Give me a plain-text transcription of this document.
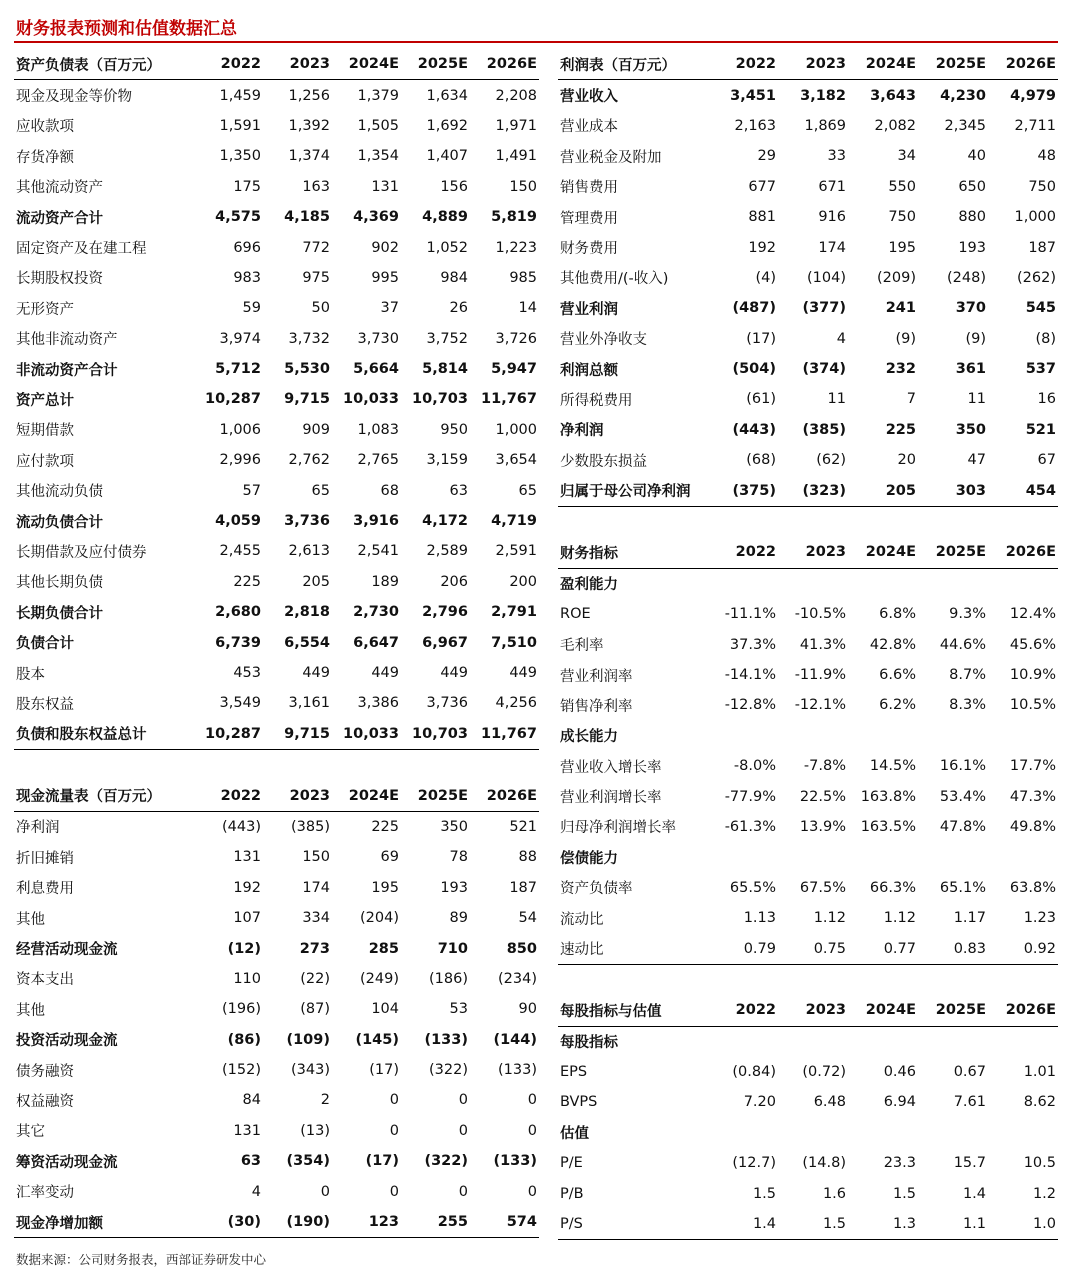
财务报表预测和估值数据汇总
资产负债表（百万元）	2022	2023	2024E	2025E	2026E
现金及现金等价物	1,459	1,256	1,379	1,634	2,208
应收款项	1,591	1,392	1,505	1,692	1,971
存货净额	1,350	1,374	1,354	1,407	1,491
其他流动资产	175	163	131	156	150
流动资产合计	4,575	4,185	4,369	4,889	5,819
固定资产及在建工程	696	772	902	1,052	1,223
长期股权投资	983	975	995	984	985
无形资产	59	50	37	26	14
其他非流动资产	3,974	3,732	3,730	3,752	3,726
非流动资产合计	5,712	5,530	5,664	5,814	5,947
资产总计	10,287	9,715	10,033	10,703	11,767
短期借款	1,006	909	1,083	950	1,000
应付款项	2,996	2,762	2,765	3,159	3,654
其他流动负债	57	65	68	63	65
流动负债合计	4,059	3,736	3,916	4,172	4,719
长期借款及应付债券	2,455	2,613	2,541	2,589	2,591
其他长期负债	225	205	189	206	200
长期负债合计	2,680	2,818	2,730	2,796	2,791
负债合计	6,739	6,554	6,647	6,967	7,510
股本	453	449	449	449	449
股东权益	3,549	3,161	3,386	3,736	4,256
负债和股东权益总计	10,287	9,715	10,033	10,703	11,767

现金流量表（百万元）	2022	2023	2024E	2025E	2026E
净利润	(443)	(385)	225	350	521
折旧摊销	131	150	69	78	88
利息费用	192	174	195	193	187
其他	107	334	(204)	89	54
经营活动现金流	(12)	273	285	710	850
资本支出	110	(22)	(249)	(186)	(234)
其他	(196)	(87)	104	53	90
投资活动现金流	(86)	(109)	(145)	(133)	(144)
债务融资	(152)	(343)	(17)	(322)	(133)
权益融资	84	2	0	0	0
其它	131	(13)	0	0	0
筹资活动现金流	63	(354)	(17)	(322)	(133)
汇率变动	4	0	0	0	0
现金净增加额	(30)	(190)	123	255	574
利润表（百万元）	2022	2023	2024E	2025E	2026E
营业收入	3,451	3,182	3,643	4,230	4,979
营业成本	2,163	1,869	2,082	2,345	2,711
营业税金及附加	29	33	34	40	48
销售费用	677	671	550	650	750
管理费用	881	916	750	880	1,000
财务费用	192	174	195	193	187
其他费用/(-收入)	(4)	(104)	(209)	(248)	(262)
营业利润	(487)	(377)	241	370	545
营业外净收支	(17)	4	(9)	(9)	(8)
利润总额	(504)	(374)	232	361	537
所得税费用	(61)	11	7	11	16
净利润	(443)	(385)	225	350	521
少数股东损益	(68)	(62)	20	47	67
归属于母公司净利润	(375)	(323)	205	303	454

财务指标	2022	2023	2024E	2025E	2026E
盈利能力					
ROE	-11.1%	-10.5%	6.8%	9.3%	12.4%
毛利率	37.3%	41.3%	42.8%	44.6%	45.6%
营业利润率	-14.1%	-11.9%	6.6%	8.7%	10.9%
销售净利率	-12.8%	-12.1%	6.2%	8.3%	10.5%
成长能力					
营业收入增长率	-8.0%	-7.8%	14.5%	16.1%	17.7%
营业利润增长率	-77.9%	22.5%	163.8%	53.4%	47.3%
归母净利润增长率	-61.3%	13.9%	163.5%	47.8%	49.8%
偿债能力					
资产负债率	65.5%	67.5%	66.3%	65.1%	63.8%
流动比	1.13	1.12	1.12	1.17	1.23
速动比	0.79	0.75	0.77	0.83	0.92

每股指标与估值	2022	2023	2024E	2025E	2026E
每股指标					
EPS	(0.84)	(0.72)	0.46	0.67	1.01
BVPS	7.20	6.48	6.94	7.61	8.62
估值					
P/E	(12.7)	(14.8)	23.3	15.7	10.5
P/B	1.5	1.6	1.5	1.4	1.2
P/S	1.4	1.5	1.3	1.1	1.0
数据来源：公司财务报表，西部证券研发中心
